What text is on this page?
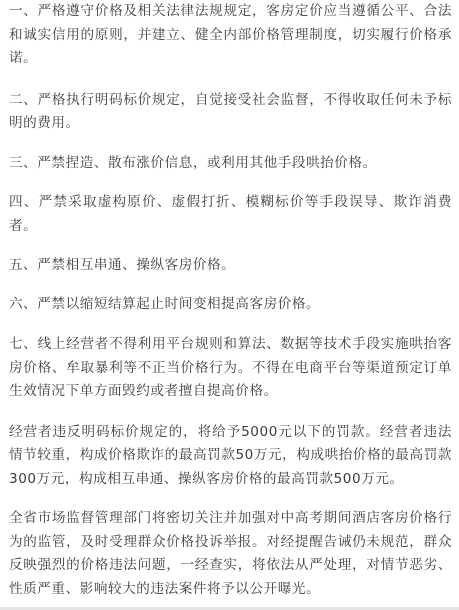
一、严格遵守价格及相关法律法规规定，客房定价应当遵循公平、合法和诚实信用的原则，并建立、健全内部价格管理制度，切实履行价格承诺。

二、严格执行明码标价规定，自觉接受社会监督，不得收取任何未予标明的费用。

三、严禁捏造、散布涨价信息，或利用其他手段哄抬价格。

四、严禁采取虚构原价、虚假打折、模糊标价等手段误导、欺诈消费者。

五、严禁相互串通、操纵客房价格。

六、严禁以缩短结算起止时间变相提高客房价格。

七、线上经营者不得利用平台规则和算法、数据等技术手段实施哄抬客房价格、牟取暴利等不正当价格行为。不得在电商平台等渠道预定订单生效情况下单方面毁约或者擅自提高价格。

经营者违反明码标价规定的，将给予5000元以下的罚款。经营者违法情节较重，构成价格欺诈的最高罚款50万元，构成哄抬价格的最高罚款300万元，构成相互串通、操纵客房价格的最高罚款500万元。

全省市场监督管理部门将密切关注并加强对中高考期间酒店客房价格行为的监管，及时受理群众价格投诉举报。对经提醒告诫仍未规范，群众反映强烈的价格违法问题，一经查实，将依法从严处理，对情节恶劣、性质严重、影响较大的违法案件将予以公开曝光。
